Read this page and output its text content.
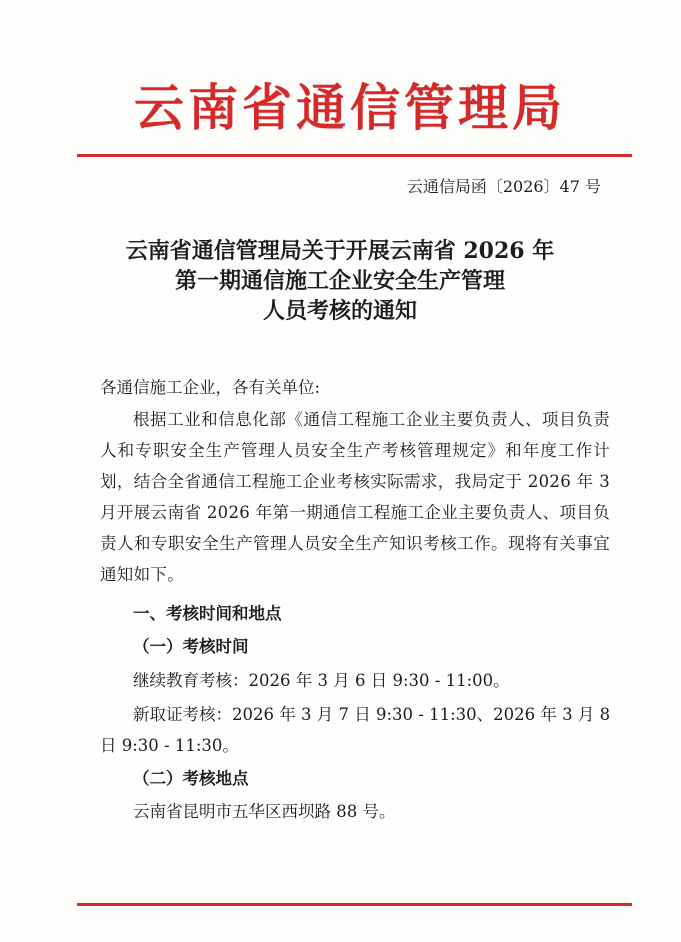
云南省通信管理局
云通信局函〔2026〕47 号
云南省通信管理局关于开展云南省 2026 年
第一期通信施工企业安全生产管理
人员考核的通知
各通信施工企业，各有关单位:
根据工业和信息化部《通信工程施工企业主要负责人、项目负责人和专职安全生产管理人员安全生产考核管理规定》和年度工作计划，结合全省通信工程施工企业考核实际需求，我局定于 2026 年 3 月开展云南省 2026 年第一期通信工程施工企业主要负责人、项目负责人和专职安全生产管理人员安全生产知识考核工作。现将有关事宜通知如下。
一、考核时间和地点
（一）考核时间
继续教育考核：2026 年 3 月 6 日 9:30 - 11:00。
新取证考核：2026 年 3 月 7 日 9:30 - 11:30、2026 年 3 月 8
日 9:30 - 11:30。
（二）考核地点
云南省昆明市五华区西坝路 88 号。
